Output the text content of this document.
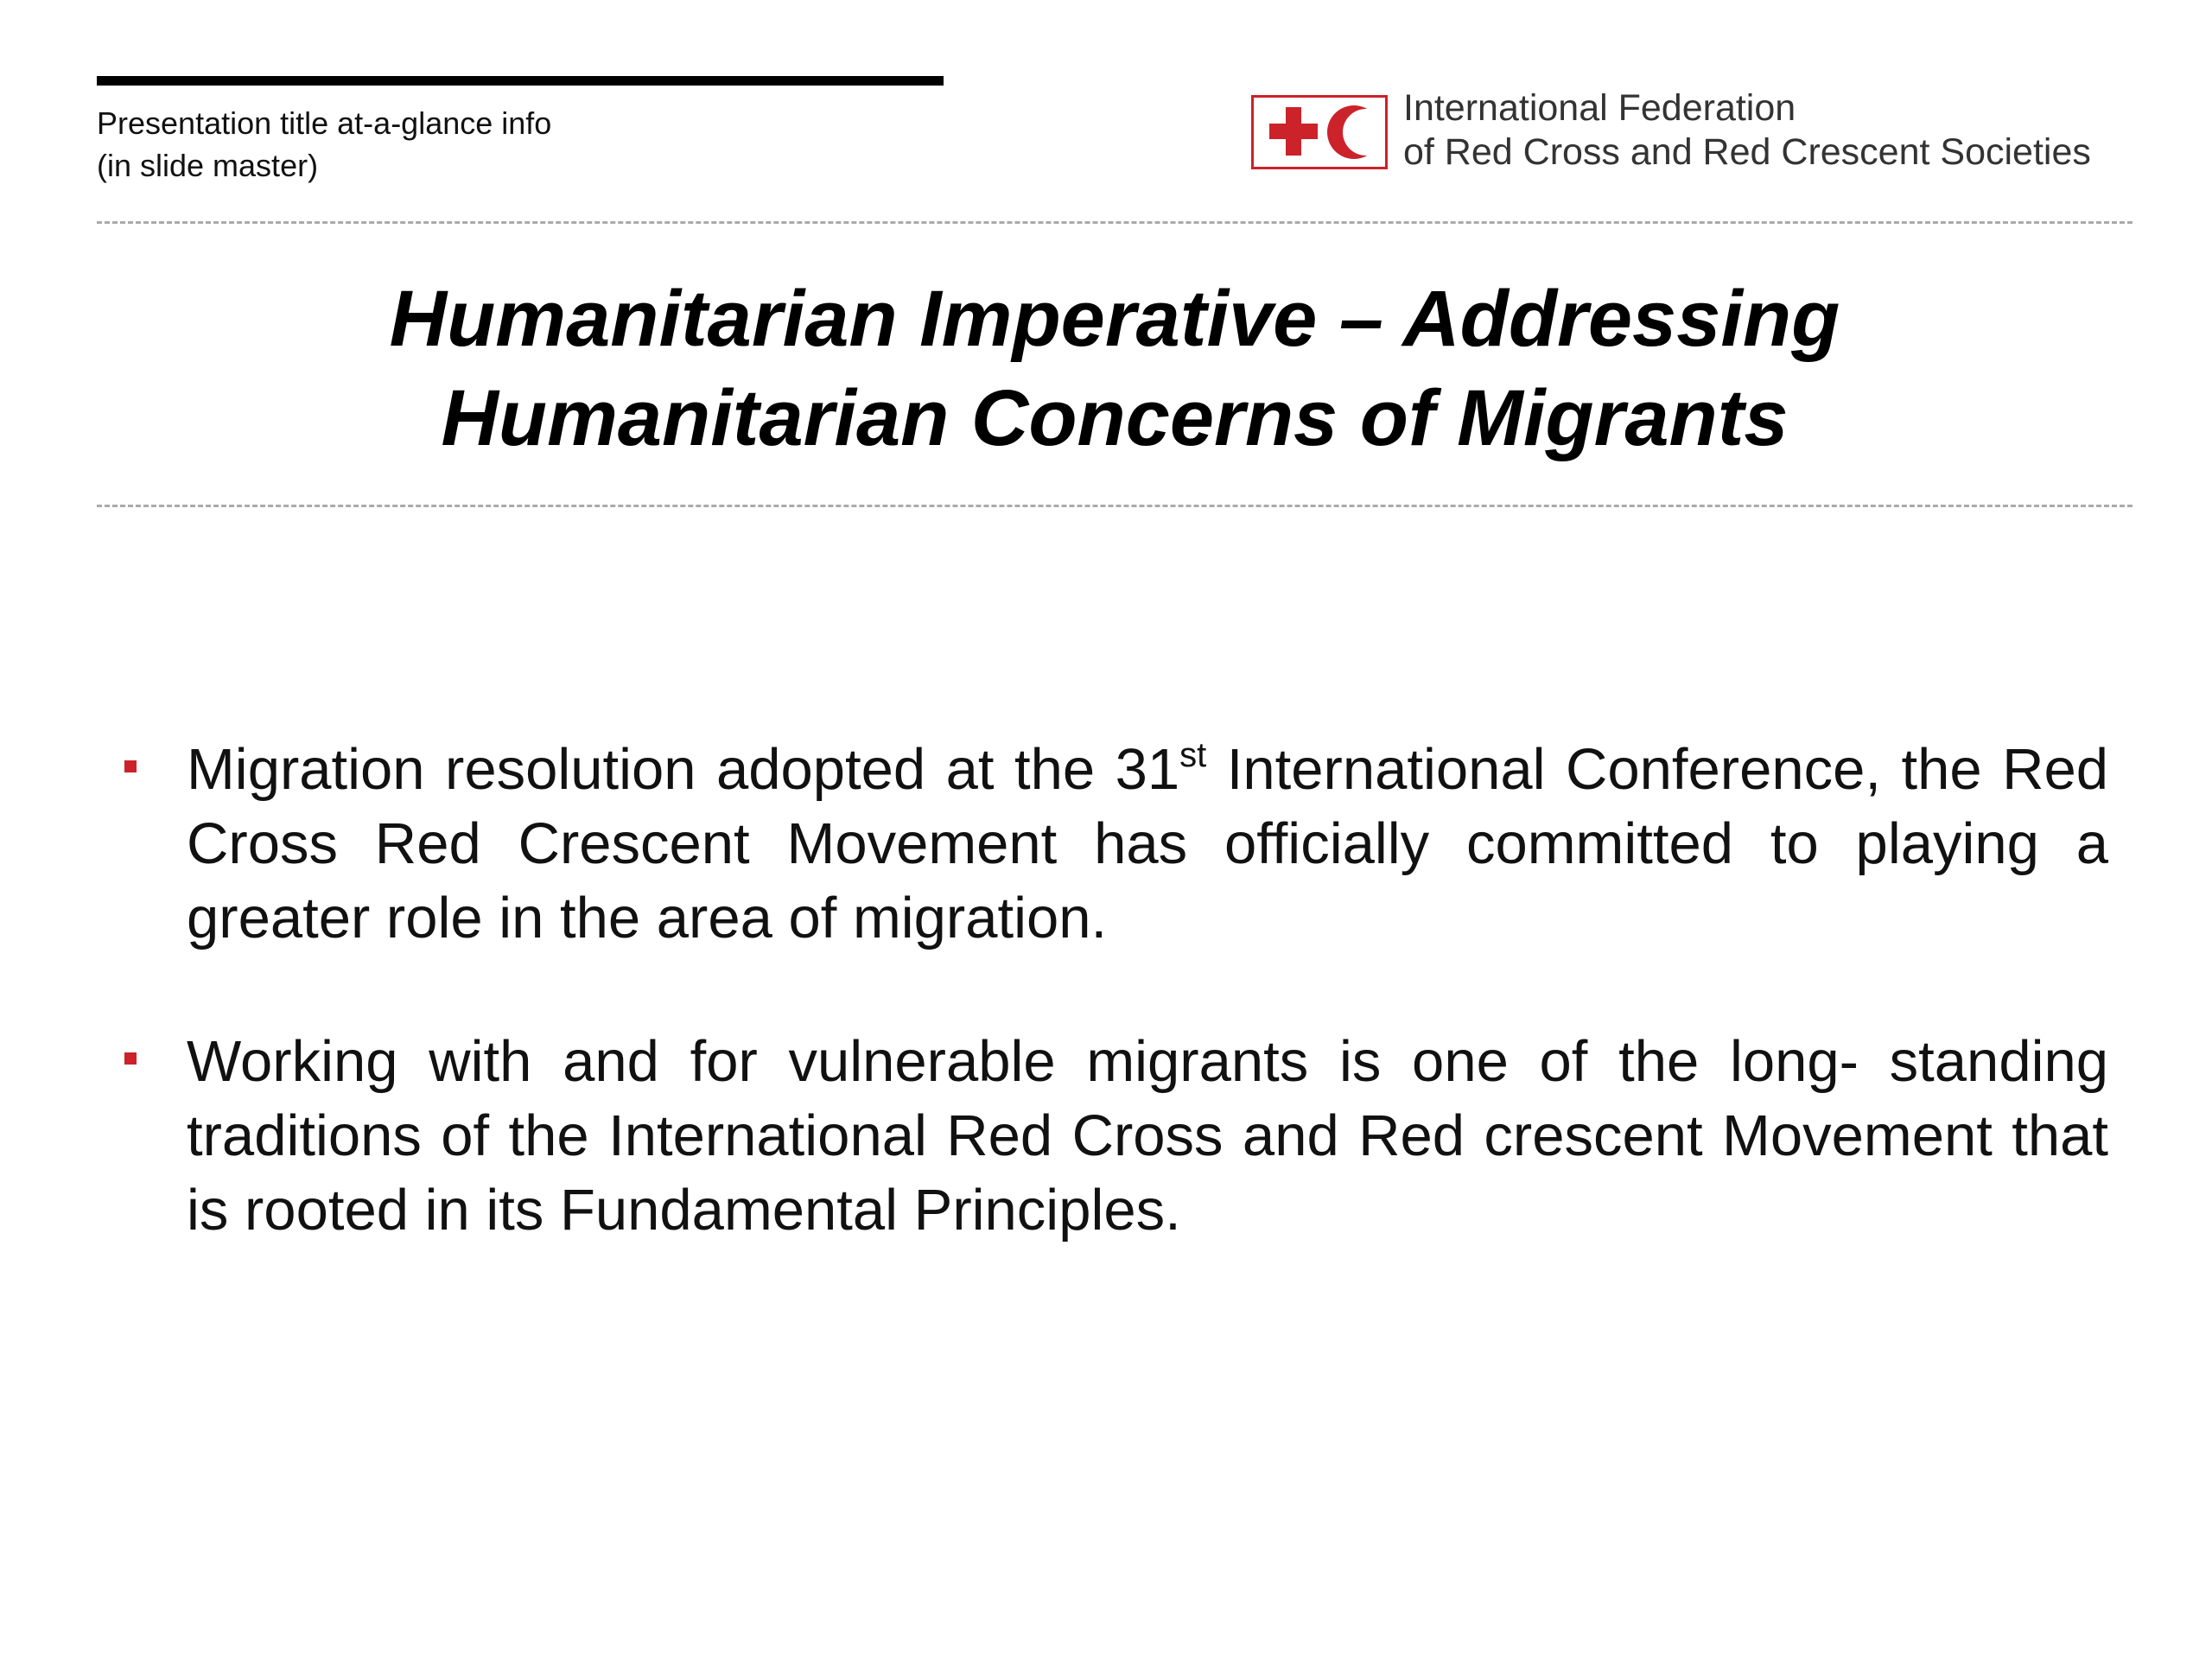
Presentation title at-a-glance info
(in slide master)
International Federation
of Red Cross and Red Crescent Societies
Humanitarian Imperative – Addressing
Humanitarian Concerns of Migrants
Migration resolution adopted at the 31st International Conference, the Red Cross Red Crescent Movement has officially committed to playing a greater role in the area of migration.
Working with and for vulnerable migrants is one of the long- standing traditions of the International Red Cross and Red crescent Movement that is rooted in its Fundamental Principles.
